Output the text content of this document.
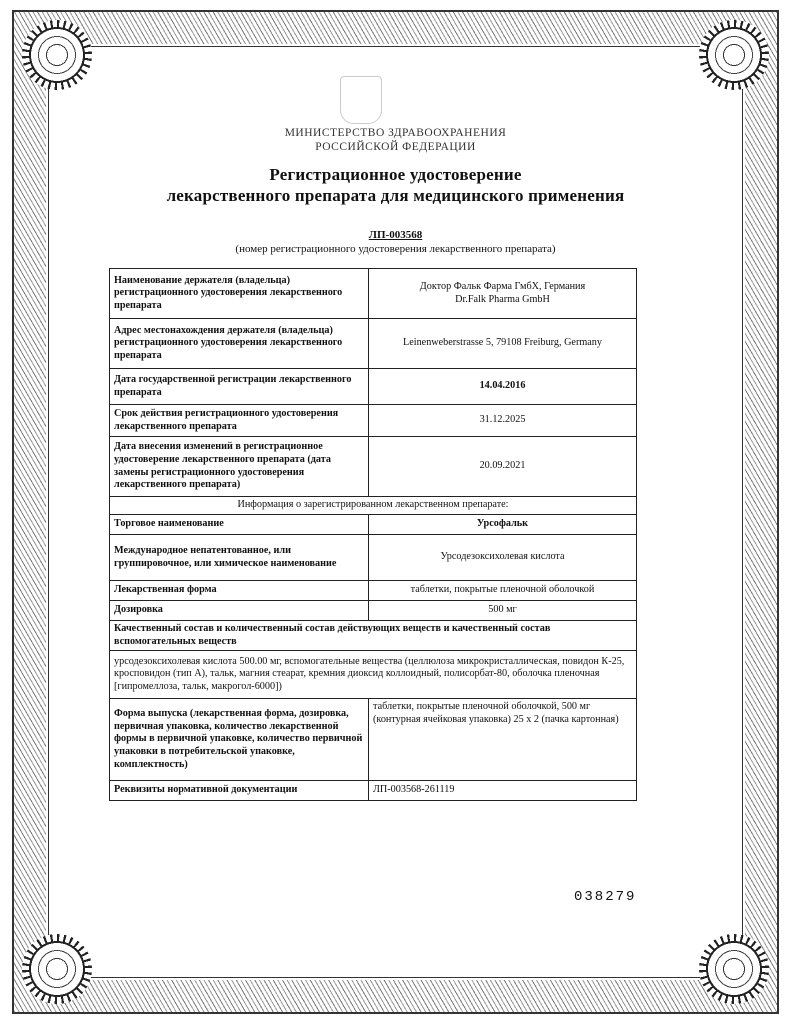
МИНИСТЕРСТВО ЗДРАВООХРАНЕНИЯ
РОССИЙСКОЙ ФЕДЕРАЦИИ
Регистрационное удостоверение
лекарственного препарата для медицинского применения
ЛП-003568
(номер регистрационного удостоверения лекарственного препарата)
Наименование держателя (владельца) регистрационного удостоверения лекарственного препарата	Доктор Фальк Фарма ГмбХ, Германия
Dr.Falk Pharma GmbH

Адрес местонахождения держателя (владельца) регистрационного удостоверения лекарственного препарата	Leinenweberstrasse 5, 79108 Freiburg, Germany
Дата государственной регистрации лекарственного препарата	14.04.2016
Срок действия регистрационного удостоверения лекарственного препарата	31.12.2025
Дата внесения изменений в регистрационное удостоверение лекарственного препарата (дата замены регистрационного удостоверения лекарственного препарата)	20.09.2021
Информация о зарегистрированном лекарственном препарате:	
Торговое наименование	Урсофальк
Международное непатентованное, или группировочное, или химическое наименование	Урсодезоксихолевая кислота
Лекарственная форма	таблетки, покрытые пленочной оболочкой
Дозировка	500 мг
Качественный состав и количественный состав действующих веществ и качественный состав вспомогательных веществ	
урсодезоксихолевая кислота 500.00 мг, вспомогательные вещества (целлюлоза микрокристаллическая, повидон К-25, кросповидон (тип А), тальк, магния стеарат, кремния диоксид коллоидный, полисорбат-80, оболочка пленочная [гипромеллоза, тальк, макрогол-6000])	
Форма выпуска (лекарственная форма, дозировка, первичная упаковка, количество лекарственной формы в первичной упаковке, количество первичной упаковки в потребительской упаковке, комплектность)	таблетки, покрытые пленочной оболочкой, 500 мг (контурная ячейковая упаковка) 25 х 2 (пачка картонная)
Реквизиты нормативной документации	ЛП-003568-261119
038279
